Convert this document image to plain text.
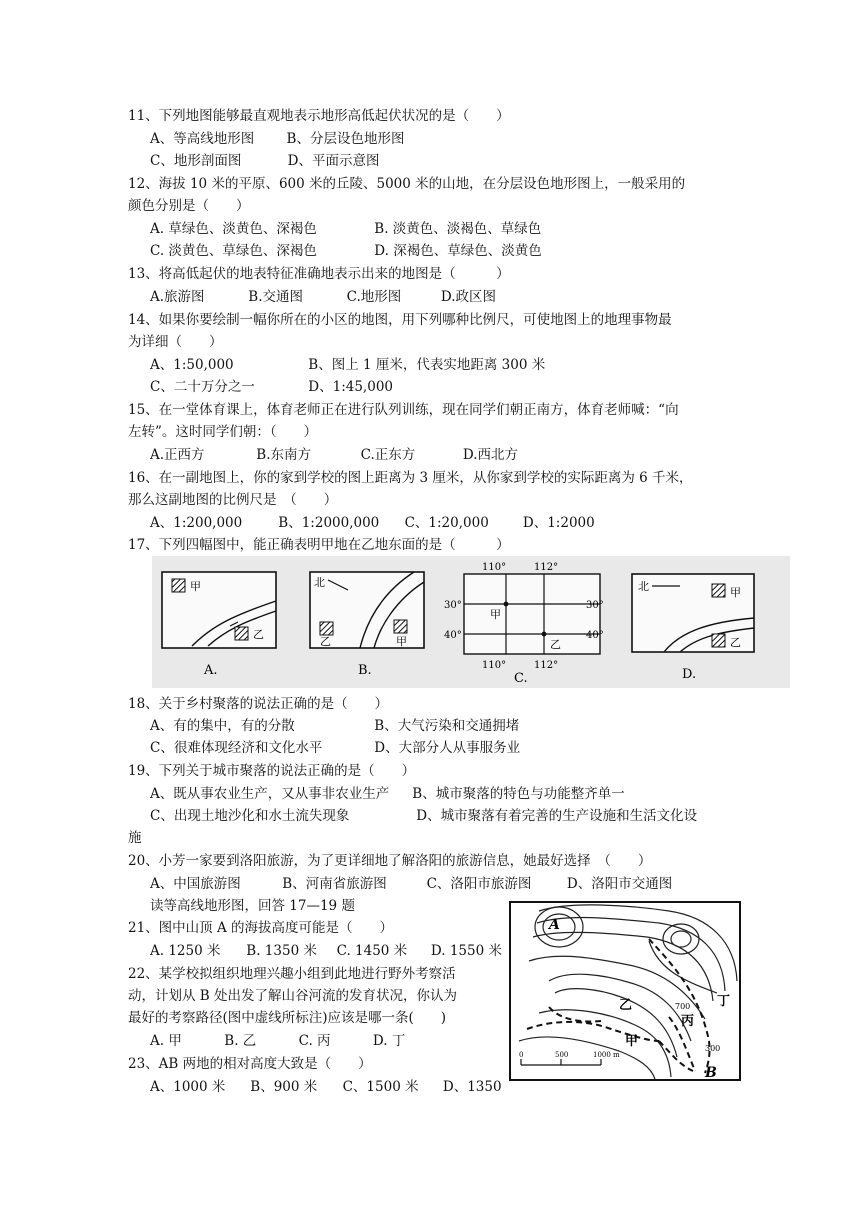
11、下列地图能够最直观地表示地形高低起伏状况的是（　　）
A、等高线地形图 B、分层设色地形图
C、地形剖面图	D、平面示意图
12、海拔 10 米的平原、600 米的丘陵、5000 米的山地，在分层设色地形图上，一般采用的
颜色分别是（　　）
A. 草绿色、淡黄色、深褐色	B. 淡黄色、淡褐色、草绿色
C. 淡黄色、草绿色、深褐色	D. 深褐色、草绿色、淡黄色
13、将高低起伏的地表特征准确地表示出来的地图是（　　　）
A.旅游图	B.交通图	C.地形图	D.政区图
14、如果你要绘制一幅你所在的小区的地图，用下列哪种比例尺，可使地图上的地理事物最
为详细（　　）
A、1:50,000	B、图上 1 厘米，代表实地距离 300 米
C、二十万分之一	D、1:45,000
15、在一堂体育课上，体育老师正在进行队列训练，现在同学们朝正南方，体育老师喊：“向
左转”。这时同学们朝：（　　）
A.正西方	B.东南方	C.正东方	D.西北方
16、在一副地图上，你的家到学校的图上距离为 3 厘米，从你家到学校的实际距离为 6 千米，
那么这副地图的比例尺是　（　　）
A、1:200,000	B、1:2000,000 C、1:20,000	D、1:2000
17、下列四幅图中，能正确表明甲地在乙地东面的是（　　　）
甲
乙
A.
北
乙	甲
B.
110°	112°
110°	112°
30°
40°
30°
40°
甲
乙
C.
北	甲
乙
D.
18、关于乡村聚落的说法正确的是（　　）
A、有的集中，有的分散	B、大气污染和交通拥堵
C、很难体现经济和文化水平	D、大部分人从事服务业
19、下列关于城市聚落的说法正确的是（　　）
A、既从事农业生产，又从事非农业生产 B、城市聚落的特色与功能整齐单一
C、出现土地沙化和水土流失现象	D、城市聚落有着完善的生产设施和生活文化设
施
20、小芳一家要到洛阳旅游，为了更详细地了解洛阳的旅游信息，她最好选择　（　　）
A、中国旅游图	B、河南省旅游图	C、洛阳市旅游图	D、洛阳市交通图
读等高线地形图，回答 17—19 题
21、图中山顶 A 的海拔高度可能是（　　）
A. 1250 米 B. 1350 米 C. 1450 米 D. 1550 米
22、某学校拟组织地理兴趣小组到此地进行野外考察活
动，计划从 B 处出发了解山谷河流的发育状况，你认为
最好的考察路径(图中虚线所标注)应该是哪一条(　　)
A. 甲	B. 乙	C. 丙	D. 丁
23、AB 两地的相对高度大致是（　　）
A、1000 米 B、900 米 C、1500 米 D、1350
A
B
甲
乙
丙
丁
700
300
0	500	1000 m
